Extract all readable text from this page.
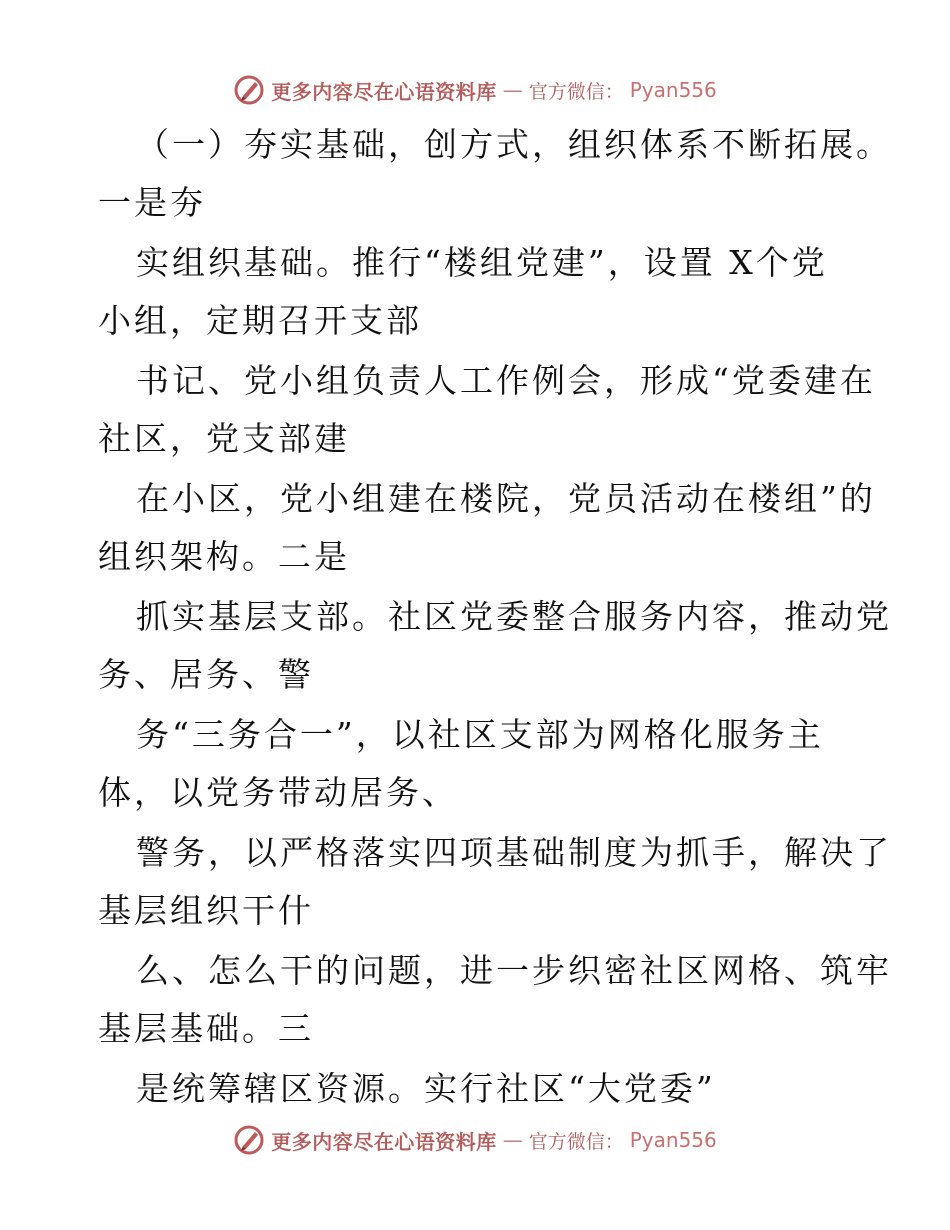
更多内容尽在心语资料库 — 官方微信： Pyan556
（一）夯实基础，创方式，组织体系不断拓展。
一是夯
实组织基础。推行“楼组党建”，设置 X个党
小组，定期召开支部
书记、党小组负责人工作例会，形成“党委建在
社区，党支部建
在小区，党小组建在楼院，党员活动在楼组”的
组织架构。二是
抓实基层支部。社区党委整合服务内容，推动党
务、居务、警
务“三务合一”，以社区支部为网格化服务主
体，以党务带动居务、
警务，以严格落实四项基础制度为抓手，解决了
基层组织干什
么、怎么干的问题，进一步织密社区网格、筑牢
基层基础。三
是统筹辖区资源。实行社区“大党委”
更多内容尽在心语资料库 — 官方微信： Pyan556
